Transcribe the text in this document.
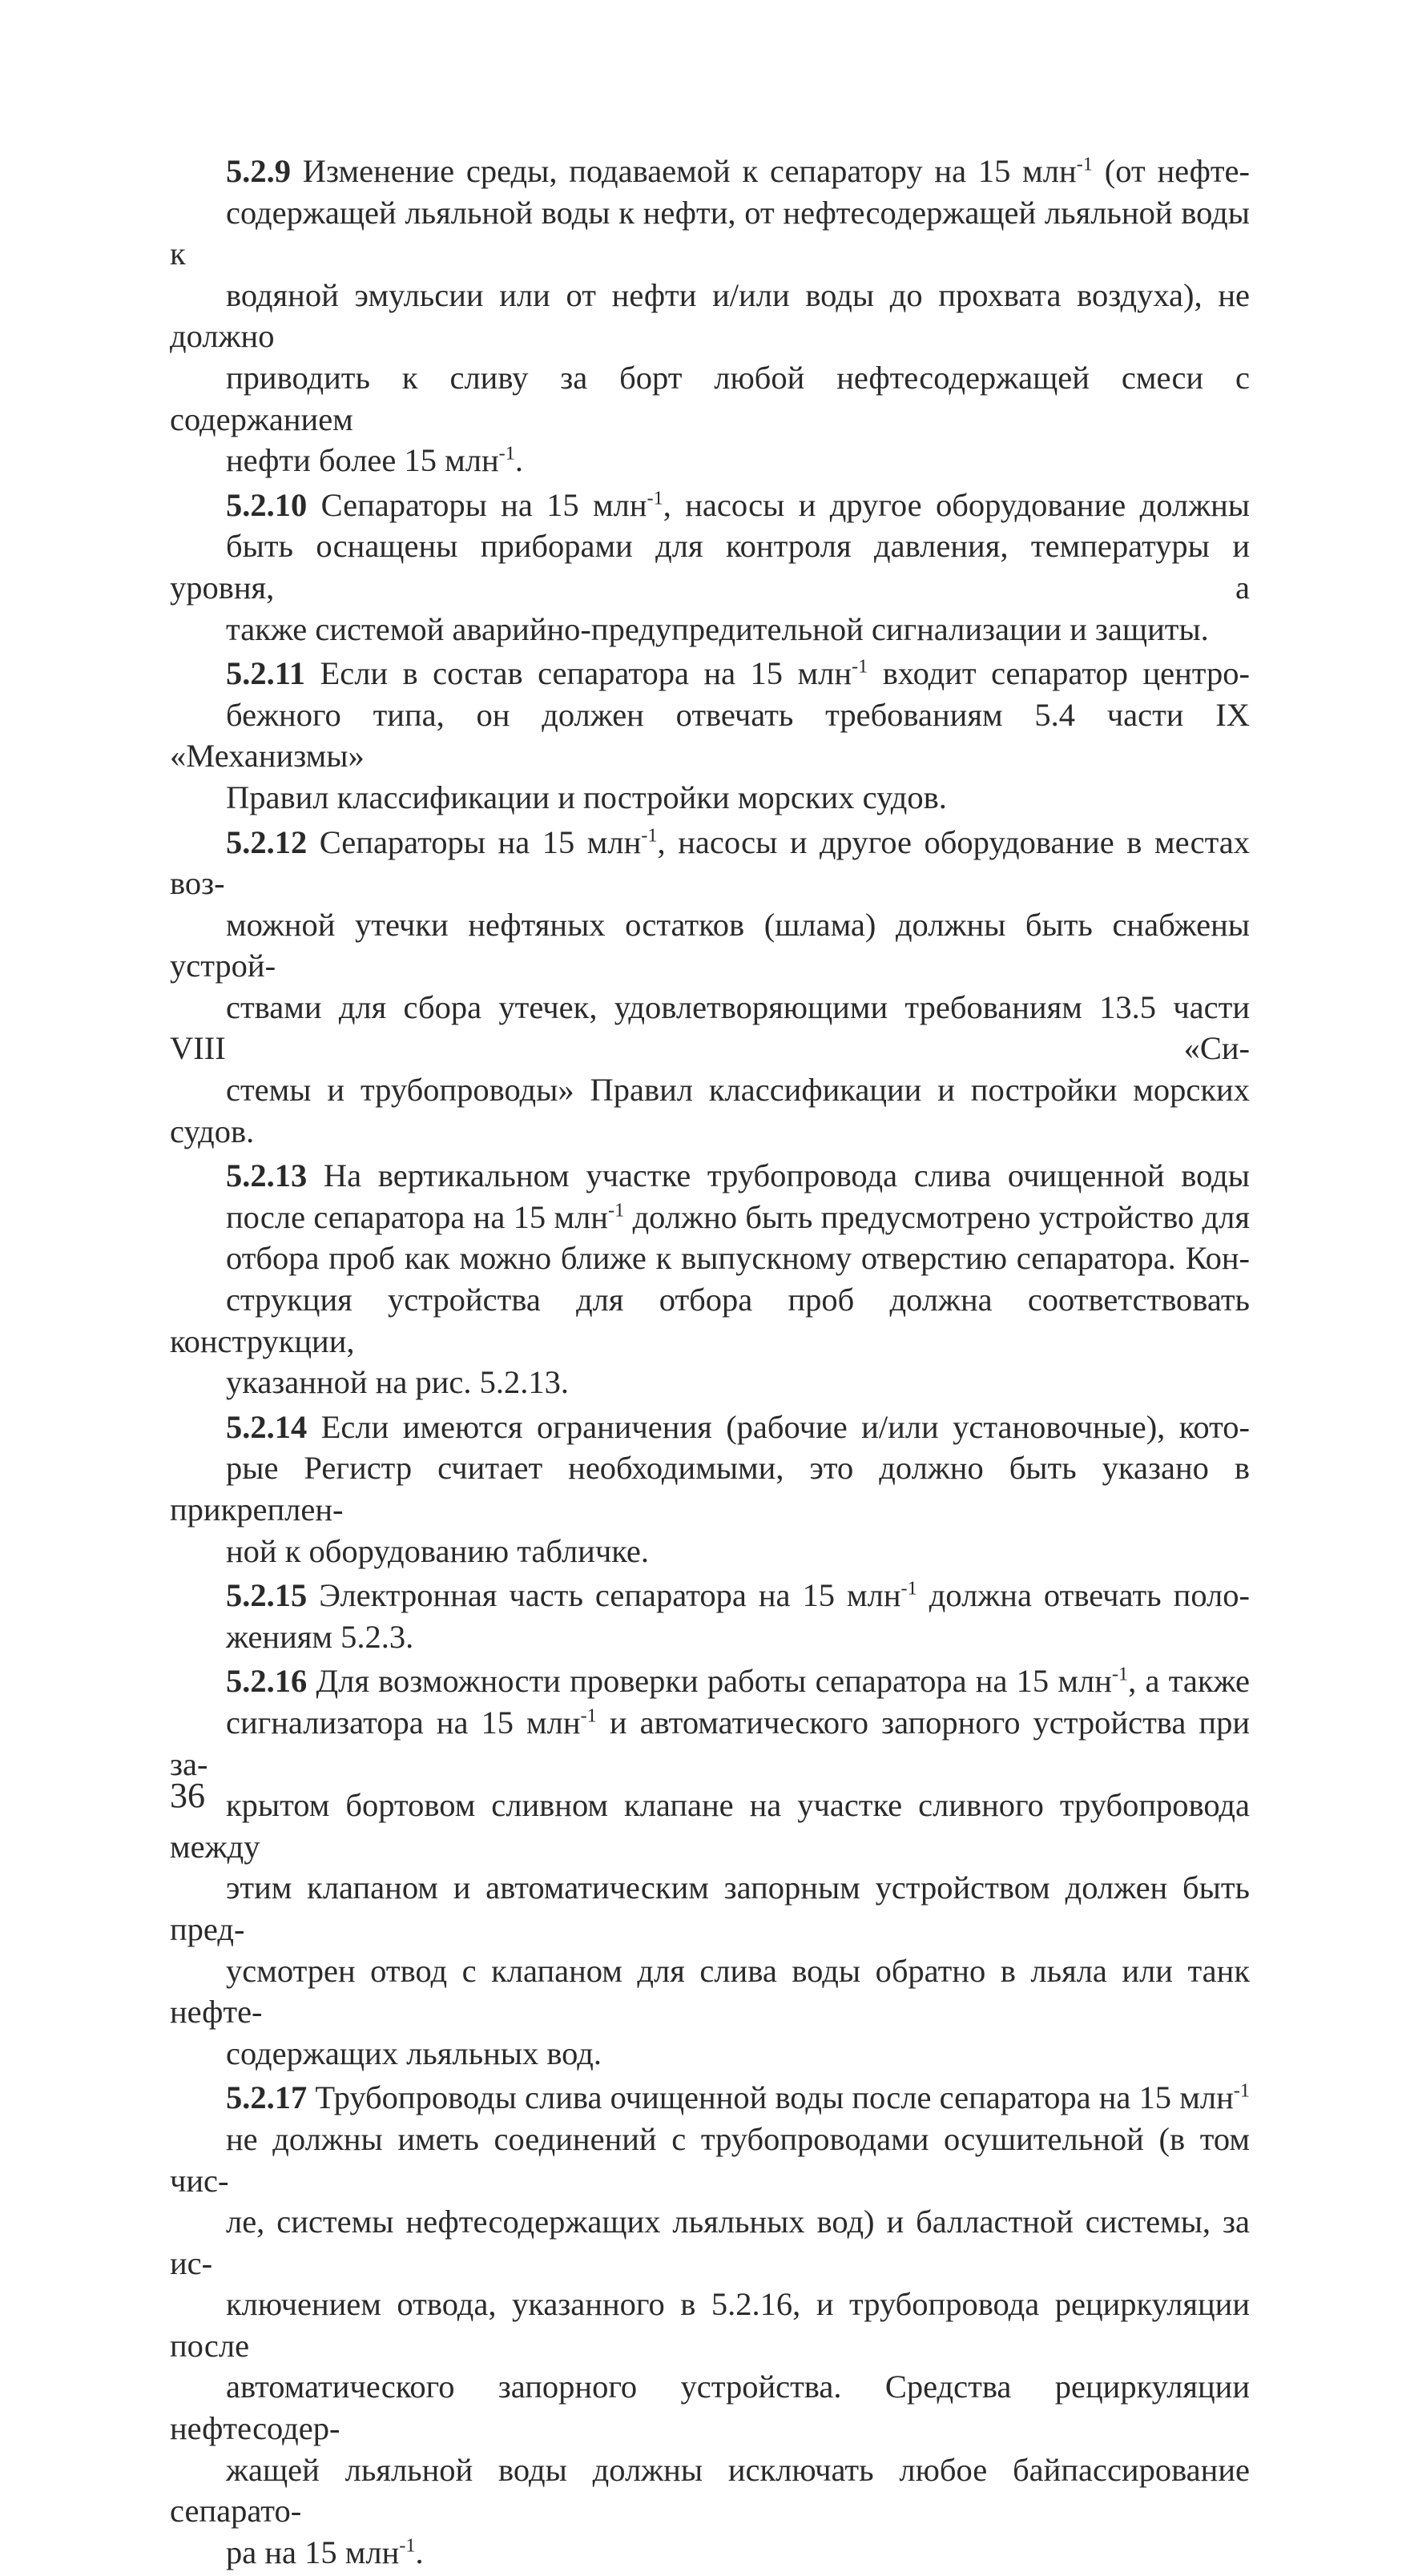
5.2.9 Изменение среды, подаваемой к сепаратору на 15 млн$^{-1}$ (от нефте-
содержащей льяльной воды к нефти, от нефтесодержащей льяльной воды к
водяной эмульсии или от нефти и/или воды до прохвата воздуха), не должно
приводить к сливу за борт любой нефтесодержащей смеси с содержанием
нефти более 15 млн$^{-1}$.
5.2.10 Сепараторы на 15 млн$^{-1}$, насосы и другое оборудование должны
быть оснащены приборами для контроля давления, температуры и уровня, а
также системой аварийно-предупредительной сигнализации и защиты.
5.2.11 Если в состав сепаратора на 15 млн$^{-1}$ входит сепаратор центро-
бежного типа, он должен отвечать требованиям 5.4 части IX «Механизмы»
Правил классификации и постройки морских судов.
5.2.12 Сепараторы на 15 млн$^{-1}$, насосы и другое оборудование в местах воз-
можной утечки нефтяных остатков (шлама) должны быть снабжены устрой-
ствами для сбора утечек, удовлетворяющими требованиям 13.5 части VIII «Си-
стемы и трубопроводы» Правил классификации и постройки морских судов.
5.2.13 На вертикальном участке трубопровода слива очищенной воды
после сепаратора на 15 млн$^{-1}$ должно быть предусмотрено устройство для
отбора проб как можно ближе к выпускному отверстию сепаратора. Кон-
струкция устройства для отбора проб должна соответствовать конструкции,
указанной на рис. 5.2.13.
5.2.14 Если имеются ограничения (рабочие и/или установочные), кото-
рые Регистр считает необходимыми, это должно быть указано в прикреплен-
ной к оборудованию табличке.
5.2.15 Электронная часть сепаратора на 15 млн$^{-1}$ должна отвечать поло-
жениям 5.2.3.
5.2.16 Для возможности проверки работы сепаратора на 15 млн$^{-1}$, а также
сигнализатора на 15 млн$^{-1}$ и автоматического запорного устройства при за-
крытом бортовом сливном клапане на участке сливного трубопровода между
этим клапаном и автоматическим запорным устройством должен быть пред-
усмотрен отвод с клапаном для слива воды обратно в льяла или танк нефте-
содержащих льяльных вод.
5.2.17 Трубопроводы слива очищенной воды после сепаратора на 15 млн$^{-1}$
не должны иметь соединений с трубопроводами осушительной (в том чис-
ле, системы нефтесодержащих льяльных вод) и балластной системы, за ис-
ключением отвода, указанного в 5.2.16, и трубопровода рециркуляции после
автоматического запорного устройства. Средства рециркуляции нефтесодер-
жащей льяльной воды должны исключать любое байпассирование сепарато-
ра на 15 млн$^{-1}$.
36
